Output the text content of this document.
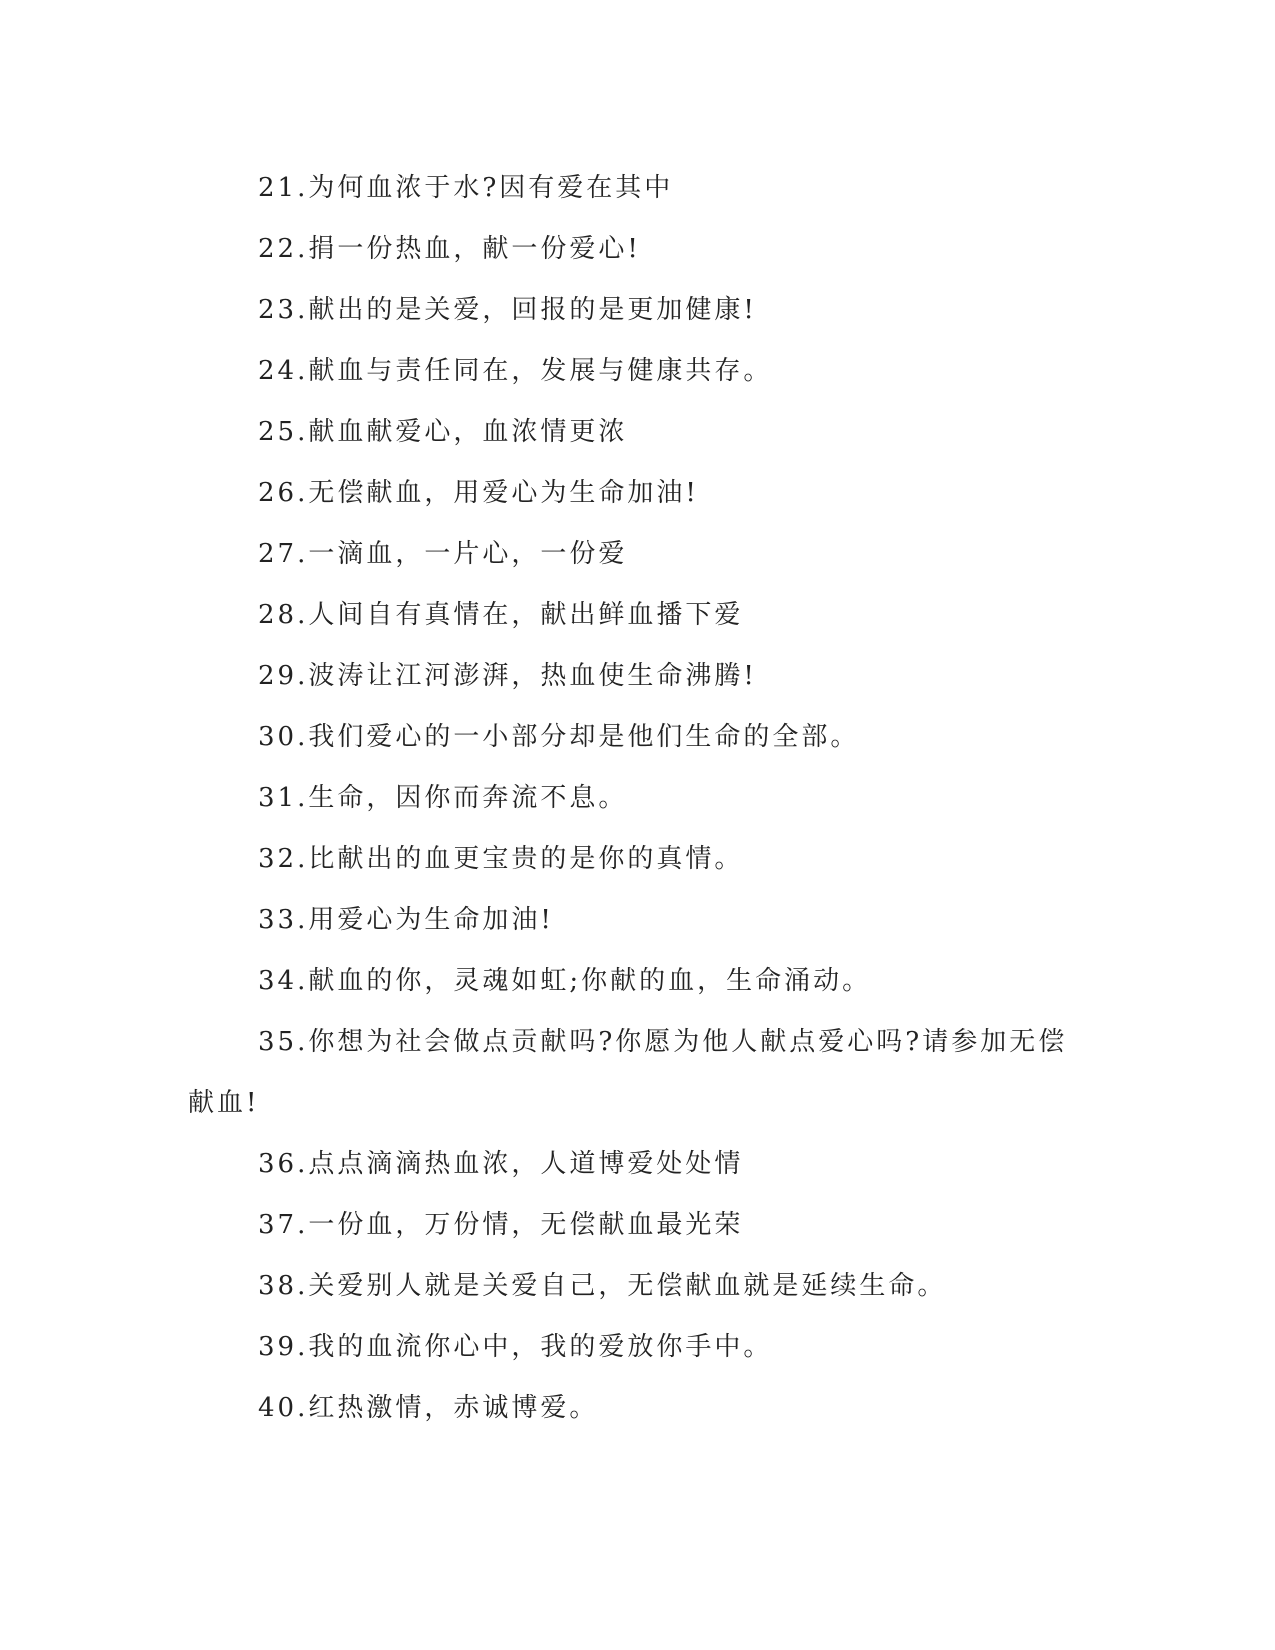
21.为何血浓于水?因有爱在其中

22.捐一份热血，献一份爱心!

23.献出的是关爱，回报的是更加健康!

24.献血与责任同在，发展与健康共存。

25.献血献爱心，血浓情更浓

26.无偿献血，用爱心为生命加油!

27.一滴血，一片心，一份爱

28.人间自有真情在，献出鲜血播下爱

29.波涛让江河澎湃，热血使生命沸腾!

30.我们爱心的一小部分却是他们生命的全部。

31.生命，因你而奔流不息。

32.比献出的血更宝贵的是你的真情。

33.用爱心为生命加油!

34.献血的你，灵魂如虹;你献的血，生命涌动。

35.你想为社会做点贡献吗?你愿为他人献点爱心吗?请参加无偿献血!

36.点点滴滴热血浓，人道博爱处处情

37.一份血，万份情，无偿献血最光荣

38.关爱别人就是关爱自己，无偿献血就是延续生命。

39.我的血流你心中，我的爱放你手中。

40.红热激情，赤诚博爱。
